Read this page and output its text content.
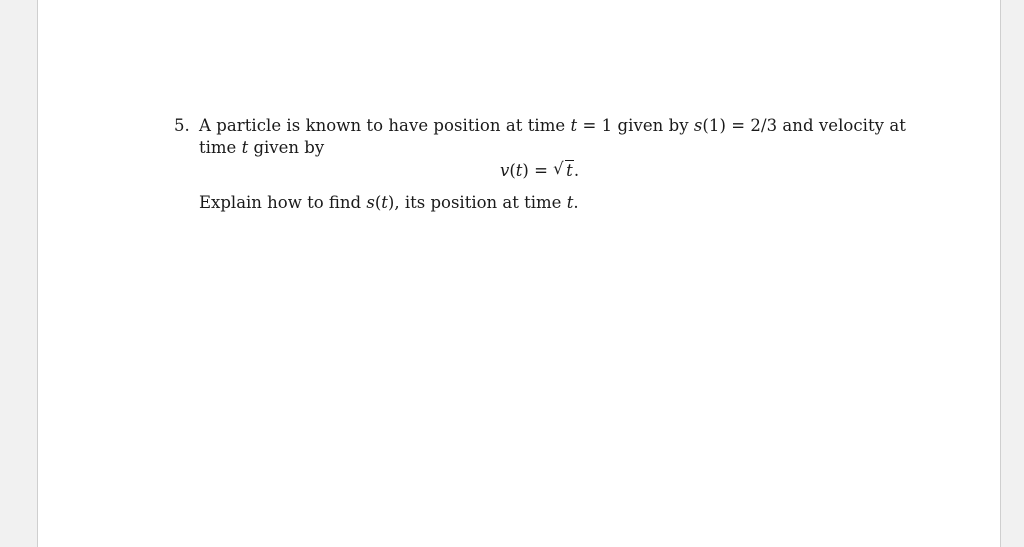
5. A particle is known to have position at time t = 1 given by s(1) = 2/3 and velocity at
time t given by
v(t) = √ t.
Explain how to find s(t), its position at time t.
